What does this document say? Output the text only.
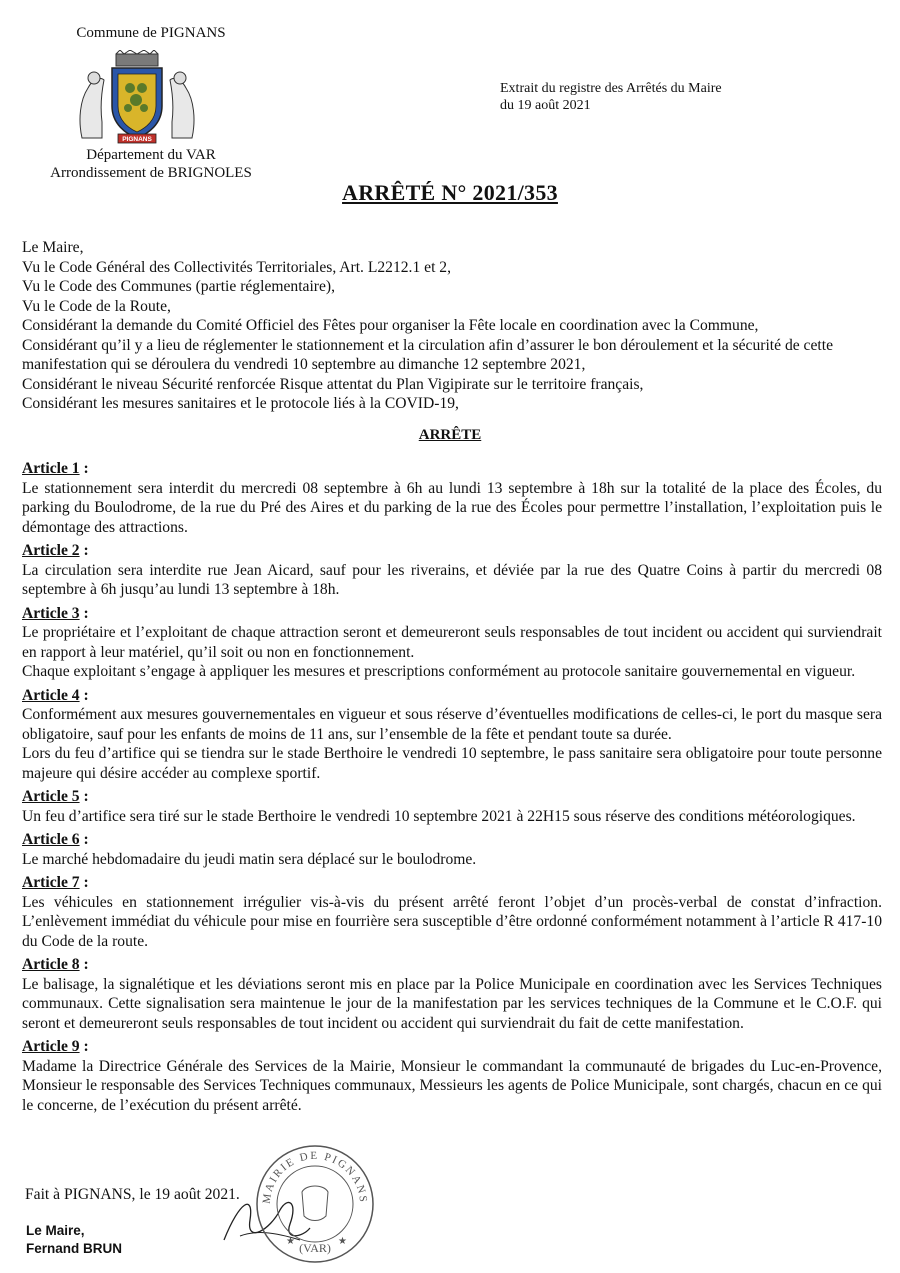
Commune de PIGNANS
PIGNANS
Département du VAR
Arrondissement de BRIGNOLES
Extrait du registre des Arrêtés du Maire
du 19 août 2021
ARRÊTÉ N° 2021/353

Le Maire,

Vu le Code Général des Collectivités Territoriales, Art. L2212.1 et 2,

Vu le Code des Communes (partie réglementaire),

Vu le Code de la Route,

Considérant la demande du Comité Officiel des Fêtes pour organiser la Fête locale en coordination avec la Commune,

Considérant qu’il y a lieu de réglementer le stationnement et la circulation afin d’assurer le bon déroulement et la sécurité de cette manifestation qui se déroulera du vendredi 10 septembre au dimanche 12 septembre 2021,

Considérant le niveau Sécurité renforcée Risque attentat du Plan Vigipirate sur le territoire français,

Considérant les mesures sanitaires et le protocole liés à la COVID-19,

ARRÊTE
Article 1 :

Le stationnement sera interdit du mercredi 08 septembre à 6h au lundi 13 septembre à 18h sur la totalité de la place des Écoles, du parking du Boulodrome, de la rue du Pré des Aires et du parking de la rue des Écoles pour permettre l’installation, l’exploitation puis le démontage des attractions.

Article 2 :

La circulation sera interdite rue Jean Aicard, sauf pour les riverains, et déviée par la rue des Quatre Coins à partir du mercredi 08 septembre à 6h jusqu’au lundi 13 septembre à 18h.

Article 3 :

Le propriétaire et l’exploitant de chaque attraction seront et demeureront seuls responsables de tout incident ou accident qui surviendrait en rapport à leur matériel, qu’il soit ou non en fonctionnement.

Chaque exploitant s’engage à appliquer les mesures et prescriptions conformément au protocole sanitaire gouvernemental en vigueur.

Article 4 :

Conformément aux mesures gouvernementales en vigueur et sous réserve d’éventuelles modifications de celles-ci, le port du masque sera obligatoire, sauf pour les enfants de moins de 11 ans, sur l’ensemble de la fête et pendant toute sa durée.

Lors du feu d’artifice qui se tiendra sur le stade Berthoire le vendredi 10 septembre, le pass sanitaire sera obligatoire pour toute personne majeure qui désire accéder au complexe sportif.

Article 5 :

Un feu d’artifice sera tiré sur le stade Berthoire le vendredi 10 septembre 2021 à 22H15 sous réserve des conditions météorologiques.

Article 6 :

Le marché hebdomadaire du jeudi matin sera déplacé sur le boulodrome.

Article 7 :

Les véhicules en stationnement irrégulier vis-à-vis du présent arrêté feront l’objet d’un procès-verbal de constat d’infraction. L’enlèvement immédiat du véhicule pour mise en fourrière sera susceptible d’être ordonné conformément notamment à l’article R 417-10 du Code de la route.

Article 8 :

Le balisage, la signalétique et les déviations seront mis en place par la Police Municipale en coordination avec les Services Techniques communaux. Cette signalisation sera maintenue le jour de la manifestation par les services techniques de la Commune et le C.O.F. qui seront et demeureront seuls responsables de tout incident ou accident qui surviendrait du fait de cette manifestation.

Article 9 :

Madame la Directrice Générale des Services de la Mairie, Monsieur le commandant la communauté de brigades du Luc-en-Provence, Monsieur le responsable des Services Techniques communaux, Messieurs les agents de Police Municipale, sont chargés, chacun en ce qui le concerne, de l’exécution du présent arrêté.

MAIRIE DE PIGNANS
(VAR)
★	★
Fait à PIGNANS, le 19 août 2021.
Le Maire,
Fernand BRUN
